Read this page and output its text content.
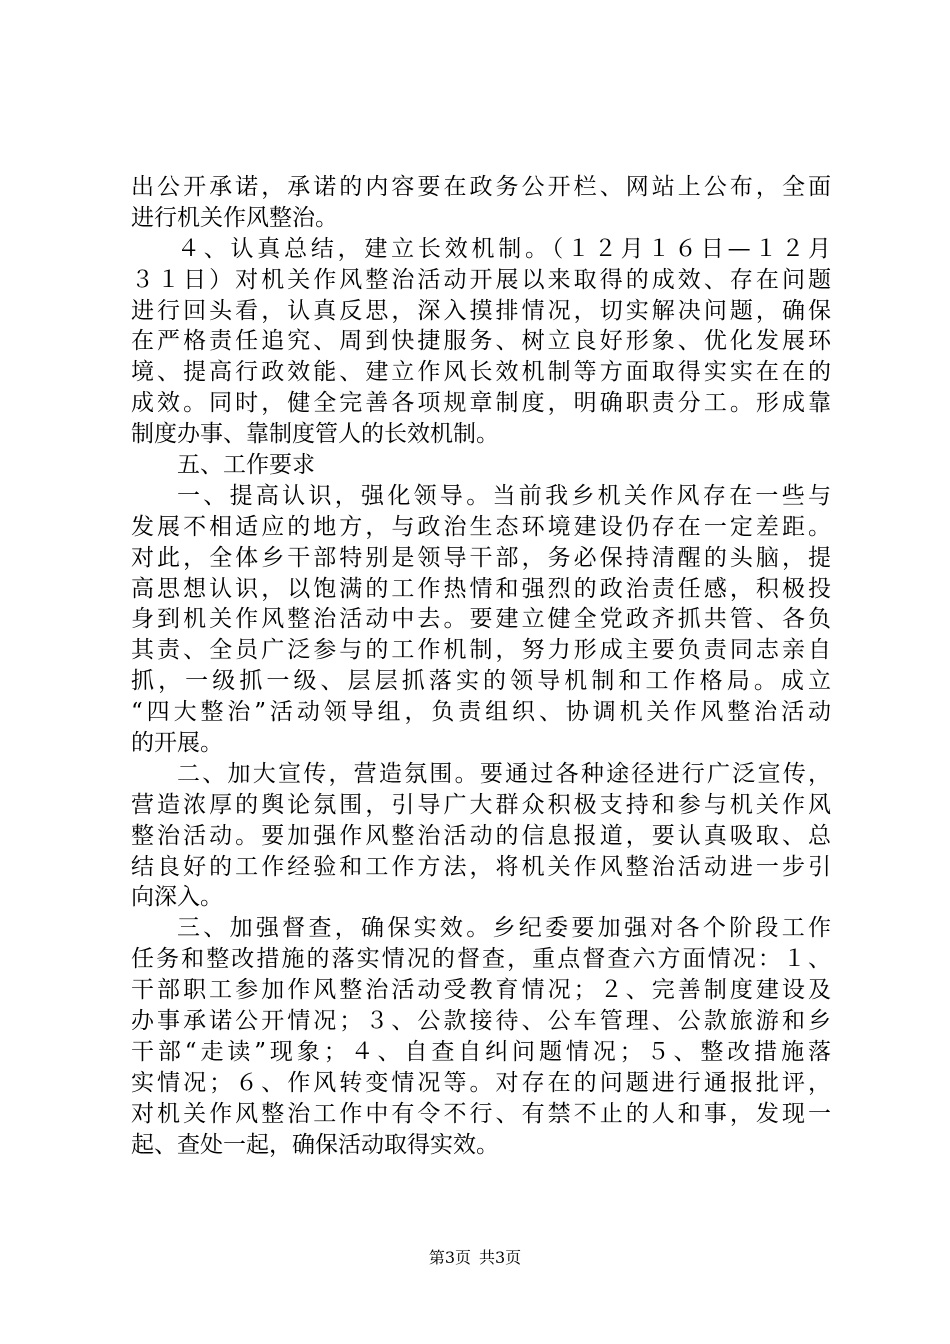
出公开承诺，承诺的内容要在政务公开栏、网站上公布，全面
进行机关作风整治。
４、认真总结，建立长效机制。（１２月１６日—１２月
３１日）对机关作风整治活动开展以来取得的成效、存在问题
进行回头看，认真反思，深入摸排情况，切实解决问题，确保
在严格责任追究、周到快捷服务、树立良好形象、优化发展环
境、提高行政效能、建立作风长效机制等方面取得实实在在的
成效。同时，健全完善各项规章制度，明确职责分工。形成靠
制度办事、靠制度管人的长效机制。
五、工作要求
一、提高认识，强化领导。当前我乡机关作风存在一些与
发展不相适应的地方，与政治生态环境建设仍存在一定差距。
对此，全体乡干部特别是领导干部，务必保持清醒的头脑，提
高思想认识，以饱满的工作热情和强烈的政治责任感，积极投
身到机关作风整治活动中去。要建立健全党政齐抓共管、各负
其责、全员广泛参与的工作机制，努力形成主要负责同志亲自
抓，一级抓一级、层层抓落实的领导机制和工作格局。成立
“四大整治”活动领导组，负责组织、协调机关作风整治活动
的开展。
二、加大宣传，营造氛围。要通过各种途径进行广泛宣传，
营造浓厚的舆论氛围，引导广大群众积极支持和参与机关作风
整治活动。要加强作风整治活动的信息报道，要认真吸取、总
结良好的工作经验和工作方法，将机关作风整治活动进一步引
向深入。
三、加强督查，确保实效。乡纪委要加强对各个阶段工作
任务和整改措施的落实情况的督查，重点督查六方面情况：１、
干部职工参加作风整治活动受教育情况；２、完善制度建设及
办事承诺公开情况；３、公款接待、公车管理、公款旅游和乡
干部“走读”现象；４、自查自纠问题情况；５、整改措施落
实情况；６、作风转变情况等。对存在的问题进行通报批评，
对机关作风整治工作中有令不行、有禁不止的人和事，发现一
起、查处一起，确保活动取得实效。
第3页 共3页
